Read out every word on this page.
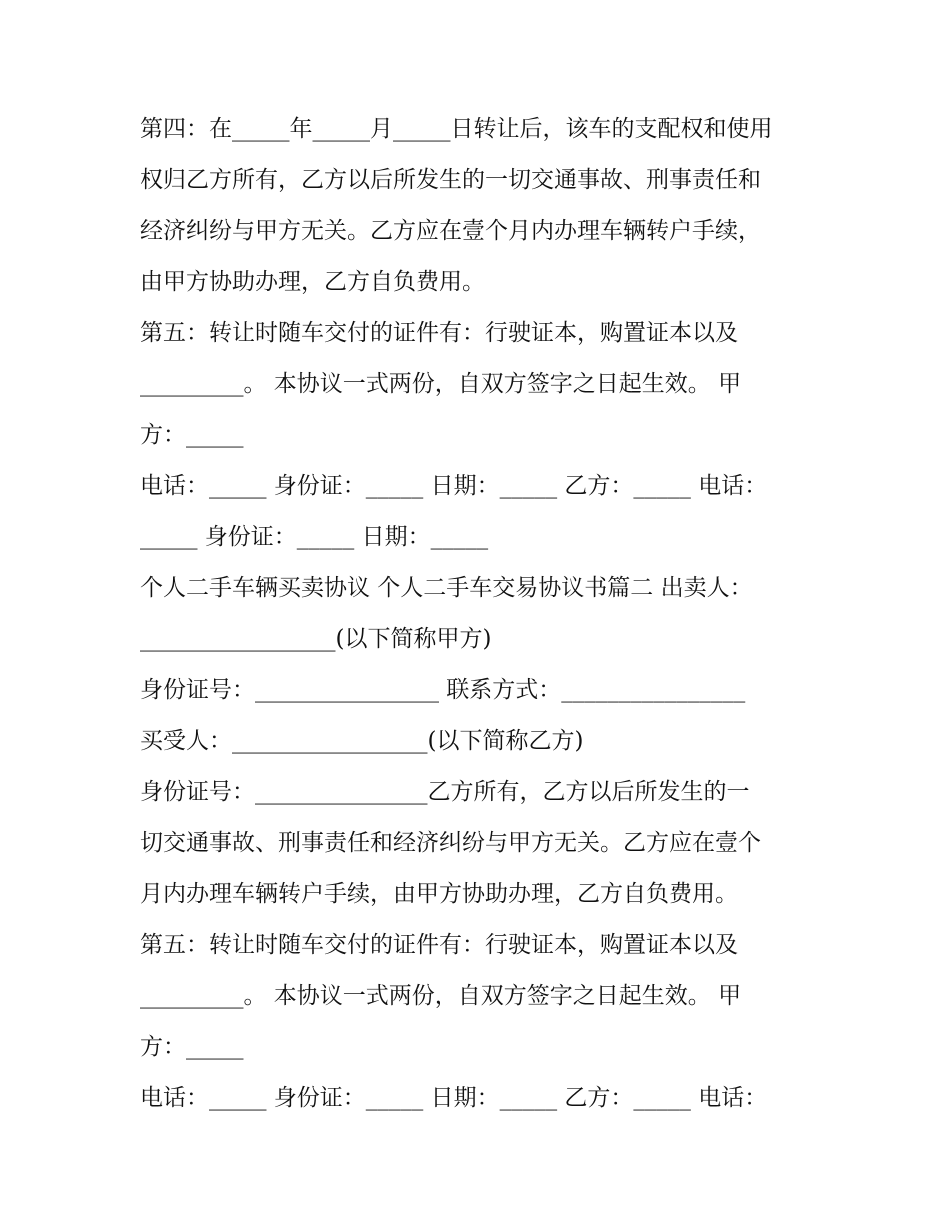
第四：在_____年_____月_____日转让后，该车的支配权和使用
权归乙方所有，乙方以后所发生的一切交通事故、刑事责任和
经济纠纷与甲方无关。乙方应在壹个月内办理车辆转户手续，
由甲方协助办理，乙方自负费用。
第五：转让时随车交付的证件有：行驶证本，购置证本以及
_________。 本协议一式两份，自双方签字之日起生效。 甲
方：_____
电话：_____ 身份证：_____ 日期：_____ 乙方：_____ 电话：
_____ 身份证：_____ 日期：_____
个人二手车辆买卖协议 个人二手车交易协议书篇二 出卖人：
_________________(以下简称甲方)
身份证号：________________ 联系方式：________________
买受人：_________________(以下简称乙方)
身份证号：_______________乙方所有，乙方以后所发生的一
切交通事故、刑事责任和经济纠纷与甲方无关。乙方应在壹个
月内办理车辆转户手续，由甲方协助办理，乙方自负费用。
第五：转让时随车交付的证件有：行驶证本，购置证本以及
_________。 本协议一式两份，自双方签字之日起生效。 甲
方：_____
电话：_____ 身份证：_____ 日期：_____ 乙方：_____ 电话：
